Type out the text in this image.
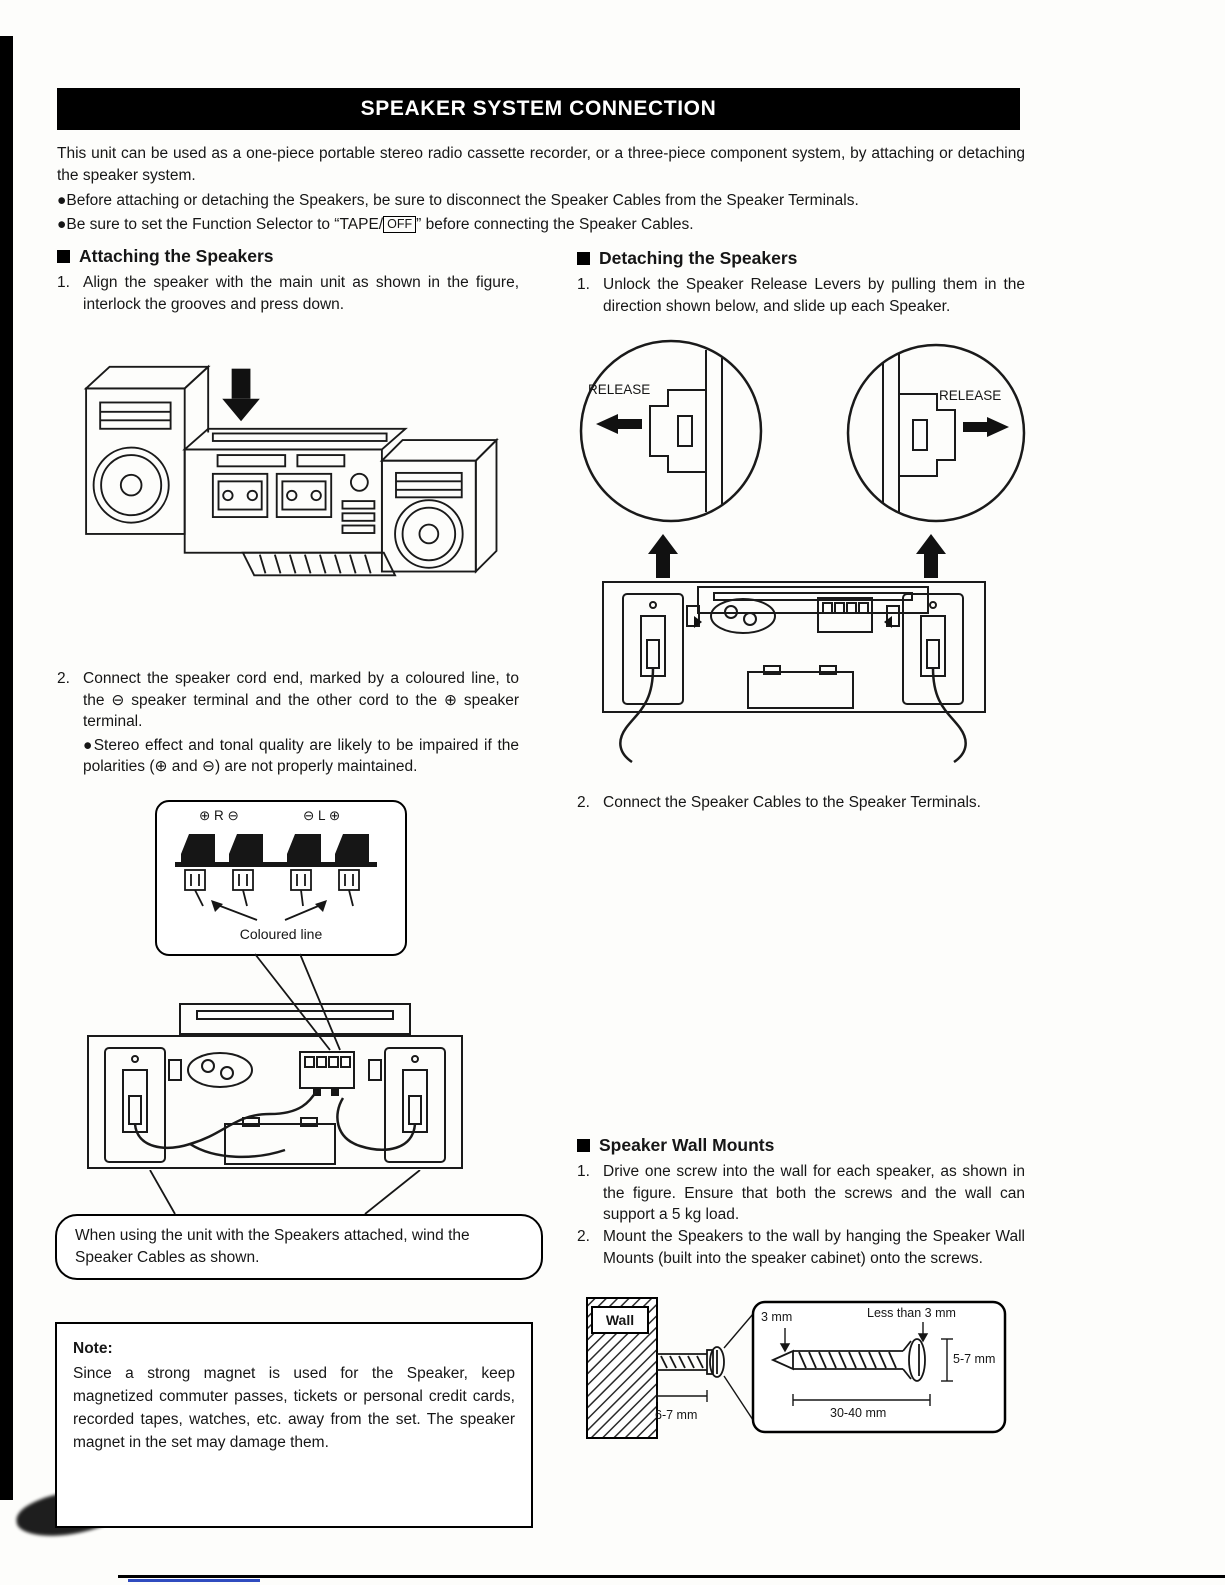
SPEAKER SYSTEM CONNECTION
This unit can be used as a one-piece portable stereo radio cassette recorder, or a three-piece component system, by attaching or detaching the speaker system.
●Before attaching or detaching the Speakers, be sure to disconnect the Speaker Cables from the Speaker Terminals.
●Be sure to set the Function Selector to “TAPE/ OFF ” before connecting the Speaker Cables.
Attaching the Speakers
1. Align the speaker with the main unit as shown in the figure, interlock the grooves and press down.
2. Connect the speaker cord end, marked by a coloured line, to the ⊖ speaker terminal and the other cord to the ⊕ speaker terminal.
●Stereo effect and tonal quality are likely to be impaired if the polarities (⊕ and ⊖) are not properly maintained.
⊕ R ⊖	⊖ L ⊕
Coloured line
When using the unit with the Speakers attached, wind the Speaker Cables as shown.
Note:
Since a strong magnet is used for the Speaker, keep magnetized commuter passes, tickets or personal credit cards, recorded tapes, watches, etc. away from the set. The speaker magnet in the set may damage them.
Detaching the Speakers
1. Unlock the Speaker Release Levers by pulling them in the direction shown below, and slide up each Speaker.
RELEASE	RELEASE
2. Connect the Speaker Cables to the Speaker Terminals.
Speaker Wall Mounts
1. Drive one screw into the wall for each speaker, as shown in the figure. Ensure that both the screws and the wall can support a 5 kg load.
2. Mount the Speakers to the wall by hanging the Speaker Wall Mounts (built into the speaker cabinet) onto the screws.
Wall
6-7 mm
3 mm	Less than 3 mm
5-7 mm
30-40 mm
